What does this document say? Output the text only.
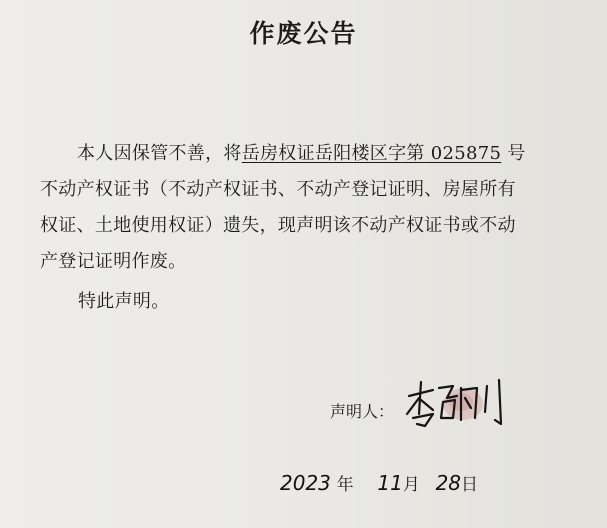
作废公告
本人因保管不善，将岳房权证岳阳楼区字第 025875 号
不动产权证书（不动产权证书、不动产登记证明、房屋所有
权证、土地使用权证）遗失，现声明该不动产权证书或不动
产登记证明作废。
特此声明。
声明人：
2023 年 11月 28日
